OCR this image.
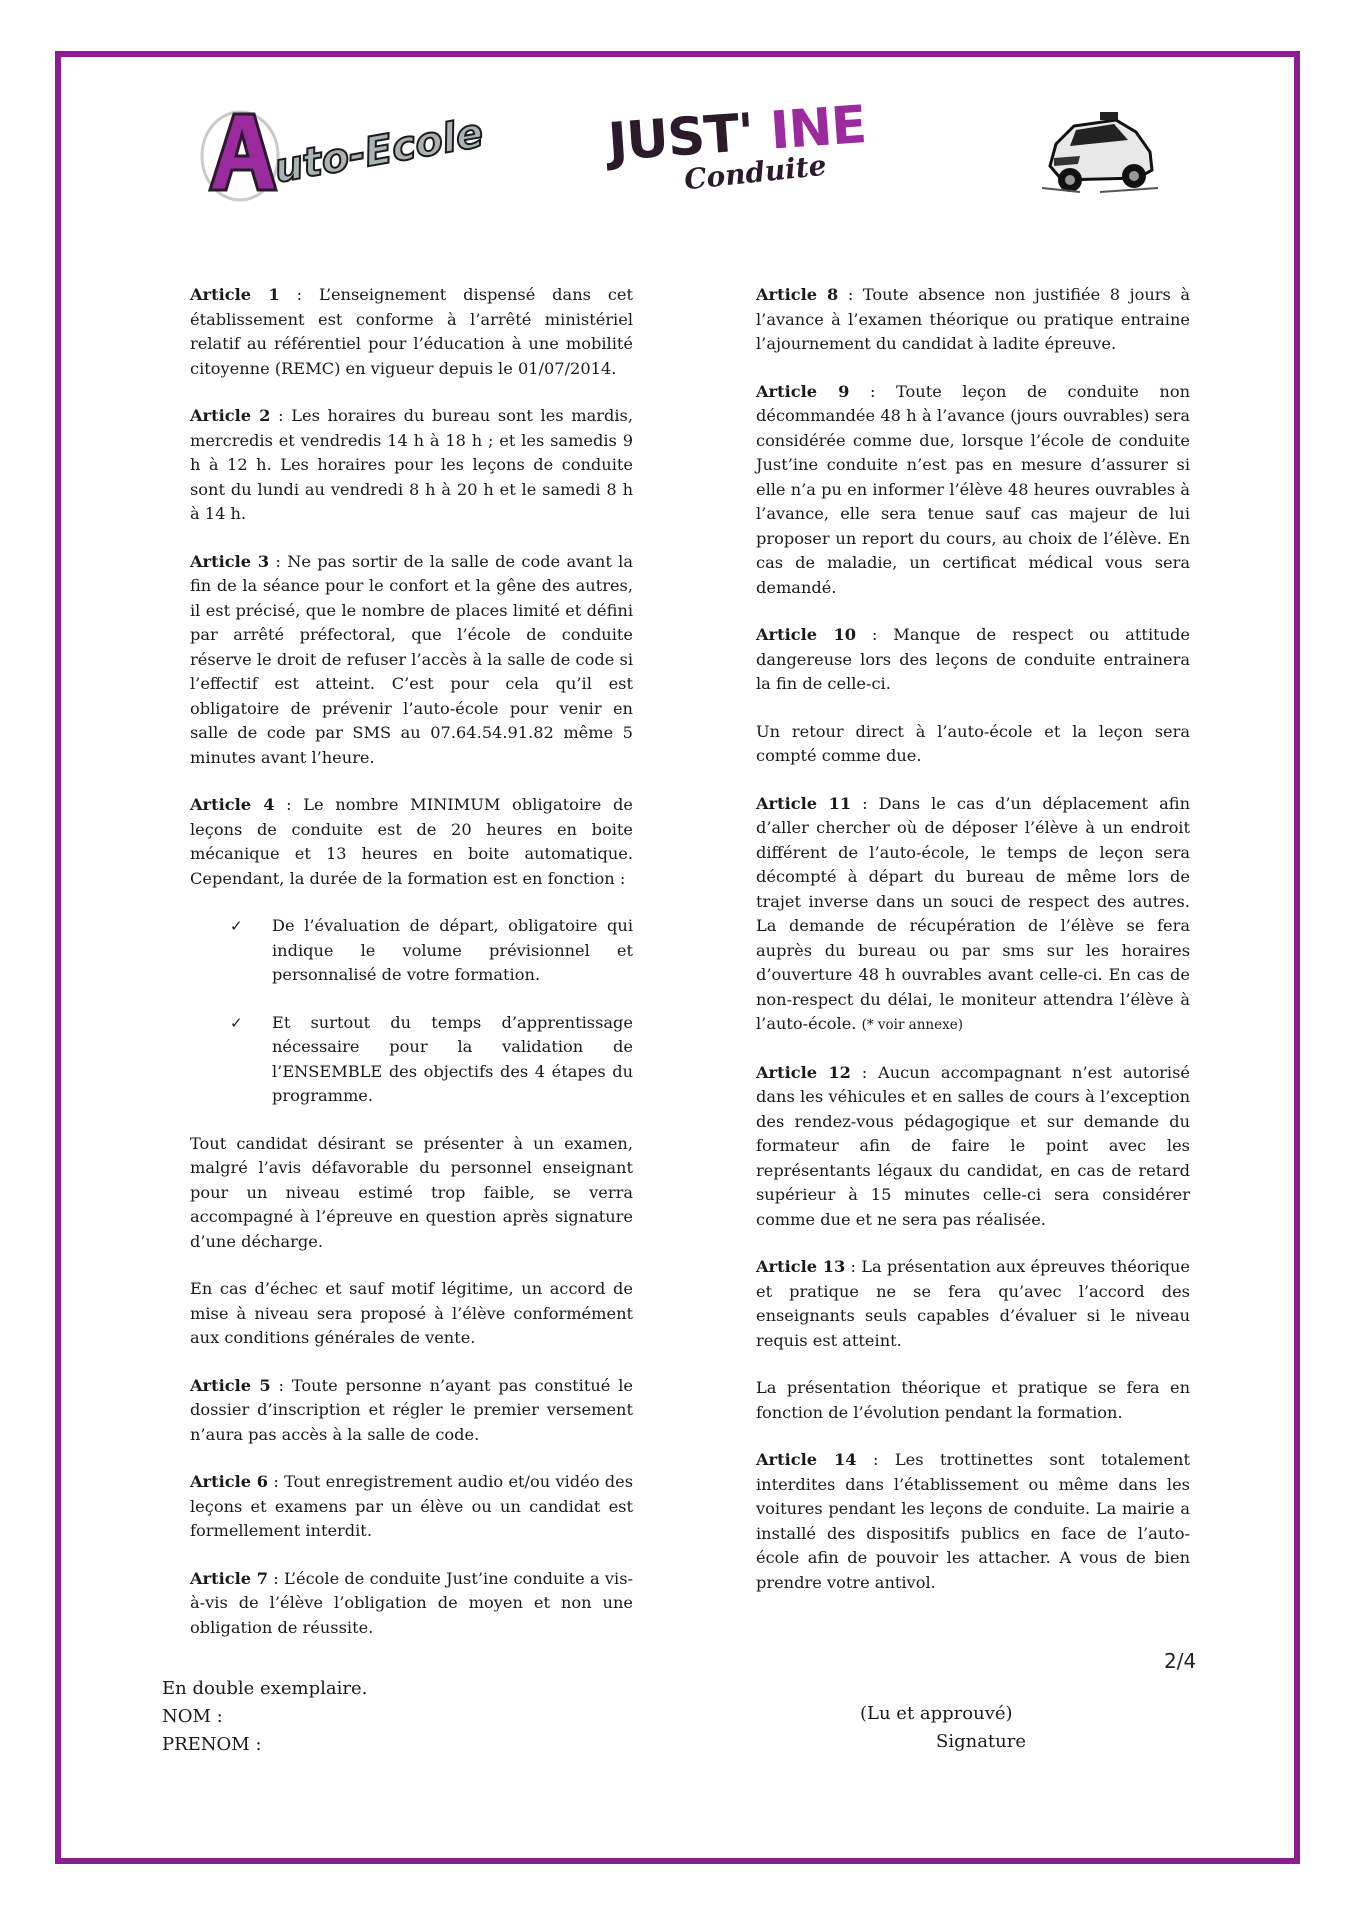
uto-Ecole JUST' INE
Conduite

Article 1 : L’enseignement dispensé dans cet établissement est conforme à l’arrêté ministériel relatif au référentiel pour l’éducation à une mobilité citoyenne (REMC) en vigueur depuis le 01/07/2014.

Article 2 : Les horaires du bureau sont les mardis, mercredis et vendredis 14 h à 18 h ; et les samedis 9 h à 12 h. Les horaires pour les leçons de conduite sont du lundi au vendredi 8 h à 20 h et le samedi 8 h à 14 h.

Article 3 : Ne pas sortir de la salle de code avant la fin de la séance pour le confort et la gêne des autres, il est précisé, que le nombre de places limité et défini par arrêté préfectoral, que l’école de conduite réserve le droit de refuser l’accès à la salle de code si l’effectif est atteint. C’est pour cela qu’il est obligatoire de prévenir l’auto-école pour venir en salle de code par SMS au 07.64.54.91.82 même 5 minutes avant l’heure.

Article 4 : Le nombre MINIMUM obligatoire de leçons de conduite est de 20 heures en boite mécanique et 13 heures en boite automatique. Cependant, la durée de la formation est en fonction :

✓ De l’évaluation de départ, obligatoire qui indique le volume prévisionnel et personnalisé de votre formation.
✓ Et surtout du temps d’apprentissage nécessaire pour la validation de l’ENSEMBLE des objectifs des 4 étapes du programme.

Tout candidat désirant se présenter à un examen, malgré l’avis défavorable du personnel enseignant pour un niveau estimé trop faible, se verra accompagné à l’épreuve en question après signature d’une décharge.

En cas d’échec et sauf motif légitime, un accord de mise à niveau sera proposé à l’élève conformément aux conditions générales de vente.

Article 5 : Toute personne n’ayant pas constitué le dossier d’inscription et régler le premier versement n’aura pas accès à la salle de code.

Article 6 : Tout enregistrement audio et/ou vidéo des leçons et examens par un élève ou un candidat est formellement interdit.

Article 7 : L’école de conduite Just’ine conduite a vis-à-vis de l’élève l’obligation de moyen et non une obligation de réussite.

Article 8 : Toute absence non justifiée 8 jours à l’avance à l’examen théorique ou pratique entraine l’ajournement du candidat à ladite épreuve.

Article 9 : Toute leçon de conduite non décommandée 48 h à l’avance (jours ouvrables) sera considérée comme due, lorsque l’école de conduite Just’ine conduite n’est pas en mesure d’assurer si elle n’a pu en informer l’élève 48 heures ouvrables à l’avance, elle sera tenue sauf cas majeur de lui proposer un report du cours, au choix de l’élève. En cas de maladie, un certificat médical vous sera demandé.

Article 10 : Manque de respect ou attitude dangereuse lors des leçons de conduite entrainera la fin de celle-ci.

Un retour direct à l’auto-école et la leçon sera compté comme due.

Article 11 : Dans le cas d’un déplacement afin d’aller chercher où de déposer l’élève à un endroit différent de l’auto-école, le temps de leçon sera décompté à départ du bureau de même lors de trajet inverse dans un souci de respect des autres. La demande de récupération de l’élève se fera auprès du bureau ou par sms sur les horaires d’ouverture 48 h ouvrables avant celle-ci. En cas de non-respect du délai, le moniteur attendra l’élève à l’auto-école. (* voir annexe)

Article 12 : Aucun accompagnant n’est autorisé dans les véhicules et en salles de cours à l’exception des rendez-vous pédagogique et sur demande du formateur afin de faire le point avec les représentants légaux du candidat, en cas de retard supérieur à 15 minutes celle-ci sera considérer comme due et ne sera pas réalisée.

Article 13 : La présentation aux épreuves théorique et pratique ne se fera qu’avec l’accord des enseignants seuls capables d’évaluer si le niveau requis est atteint.

La présentation théorique et pratique se fera en fonction de l’évolution pendant la formation.

Article 14 : Les trottinettes sont totalement interdites dans l’établissement ou même dans les voitures pendant les leçons de conduite. La mairie a installé des dispositifs publics en face de l’auto-école afin de pouvoir les attacher. A vous de bien prendre votre antivol.

2/4
En double exemplaire.
NOM :
PRENOM :
(Lu et approuvé)
Signature
